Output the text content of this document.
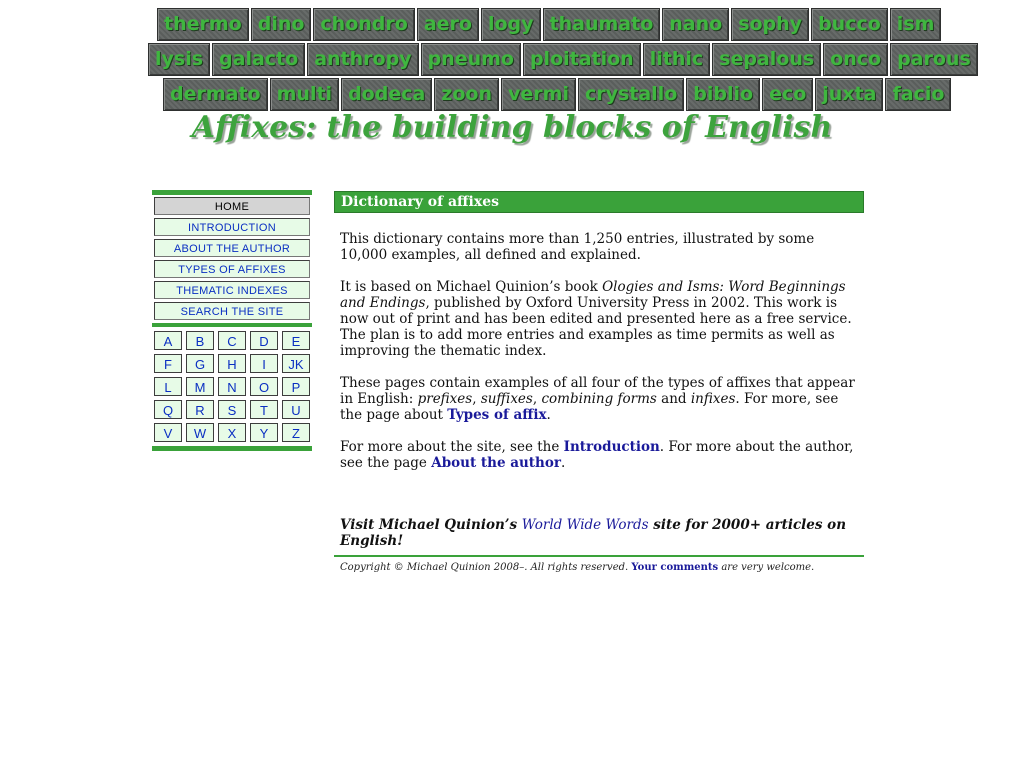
thermo dino chondro aero logy thaumato nano sophy bucco ism
lysis galacto anthropy pneumo ploitation lithic sepalous onco parous
dermato multi dodeca zoon vermi crystallo biblio eco juxta facio
Affixes: the building blocks of English
HOME
INTRODUCTION
ABOUT THE AUTHOR
TYPES OF AFFIXES
THEMATIC INDEXES
SEARCH THE SITE
A	B	C	D	E
F	G	H	I	JK
L	M	N	O	P
Q	R	S	T	U
V	W	X	Y	Z
Dictionary of affixes

This dictionary contains more than 1,250 entries, illustrated by some 10,000 examples, all defined and explained.

It is based on Michael Quinion’s book Ologies and Isms: Word Beginnings and Endings, published by Oxford University Press in 2002. This work is now out of print and has been edited and presented here as a free service. The plan is to add more entries and examples as time permits as well as improving the thematic index.

These pages contain examples of all four of the types of affixes that appear in English: prefixes, suffixes, combining forms and infixes. For more, see the page about Types of affix.

For more about the site, see the Introduction. For more about the author, see the page About the author.

Visit Michael Quinion’s World Wide Words site for 2000+ articles on English!

Copyright © Michael Quinion 2008–. All rights reserved. Your comments are very welcome.
